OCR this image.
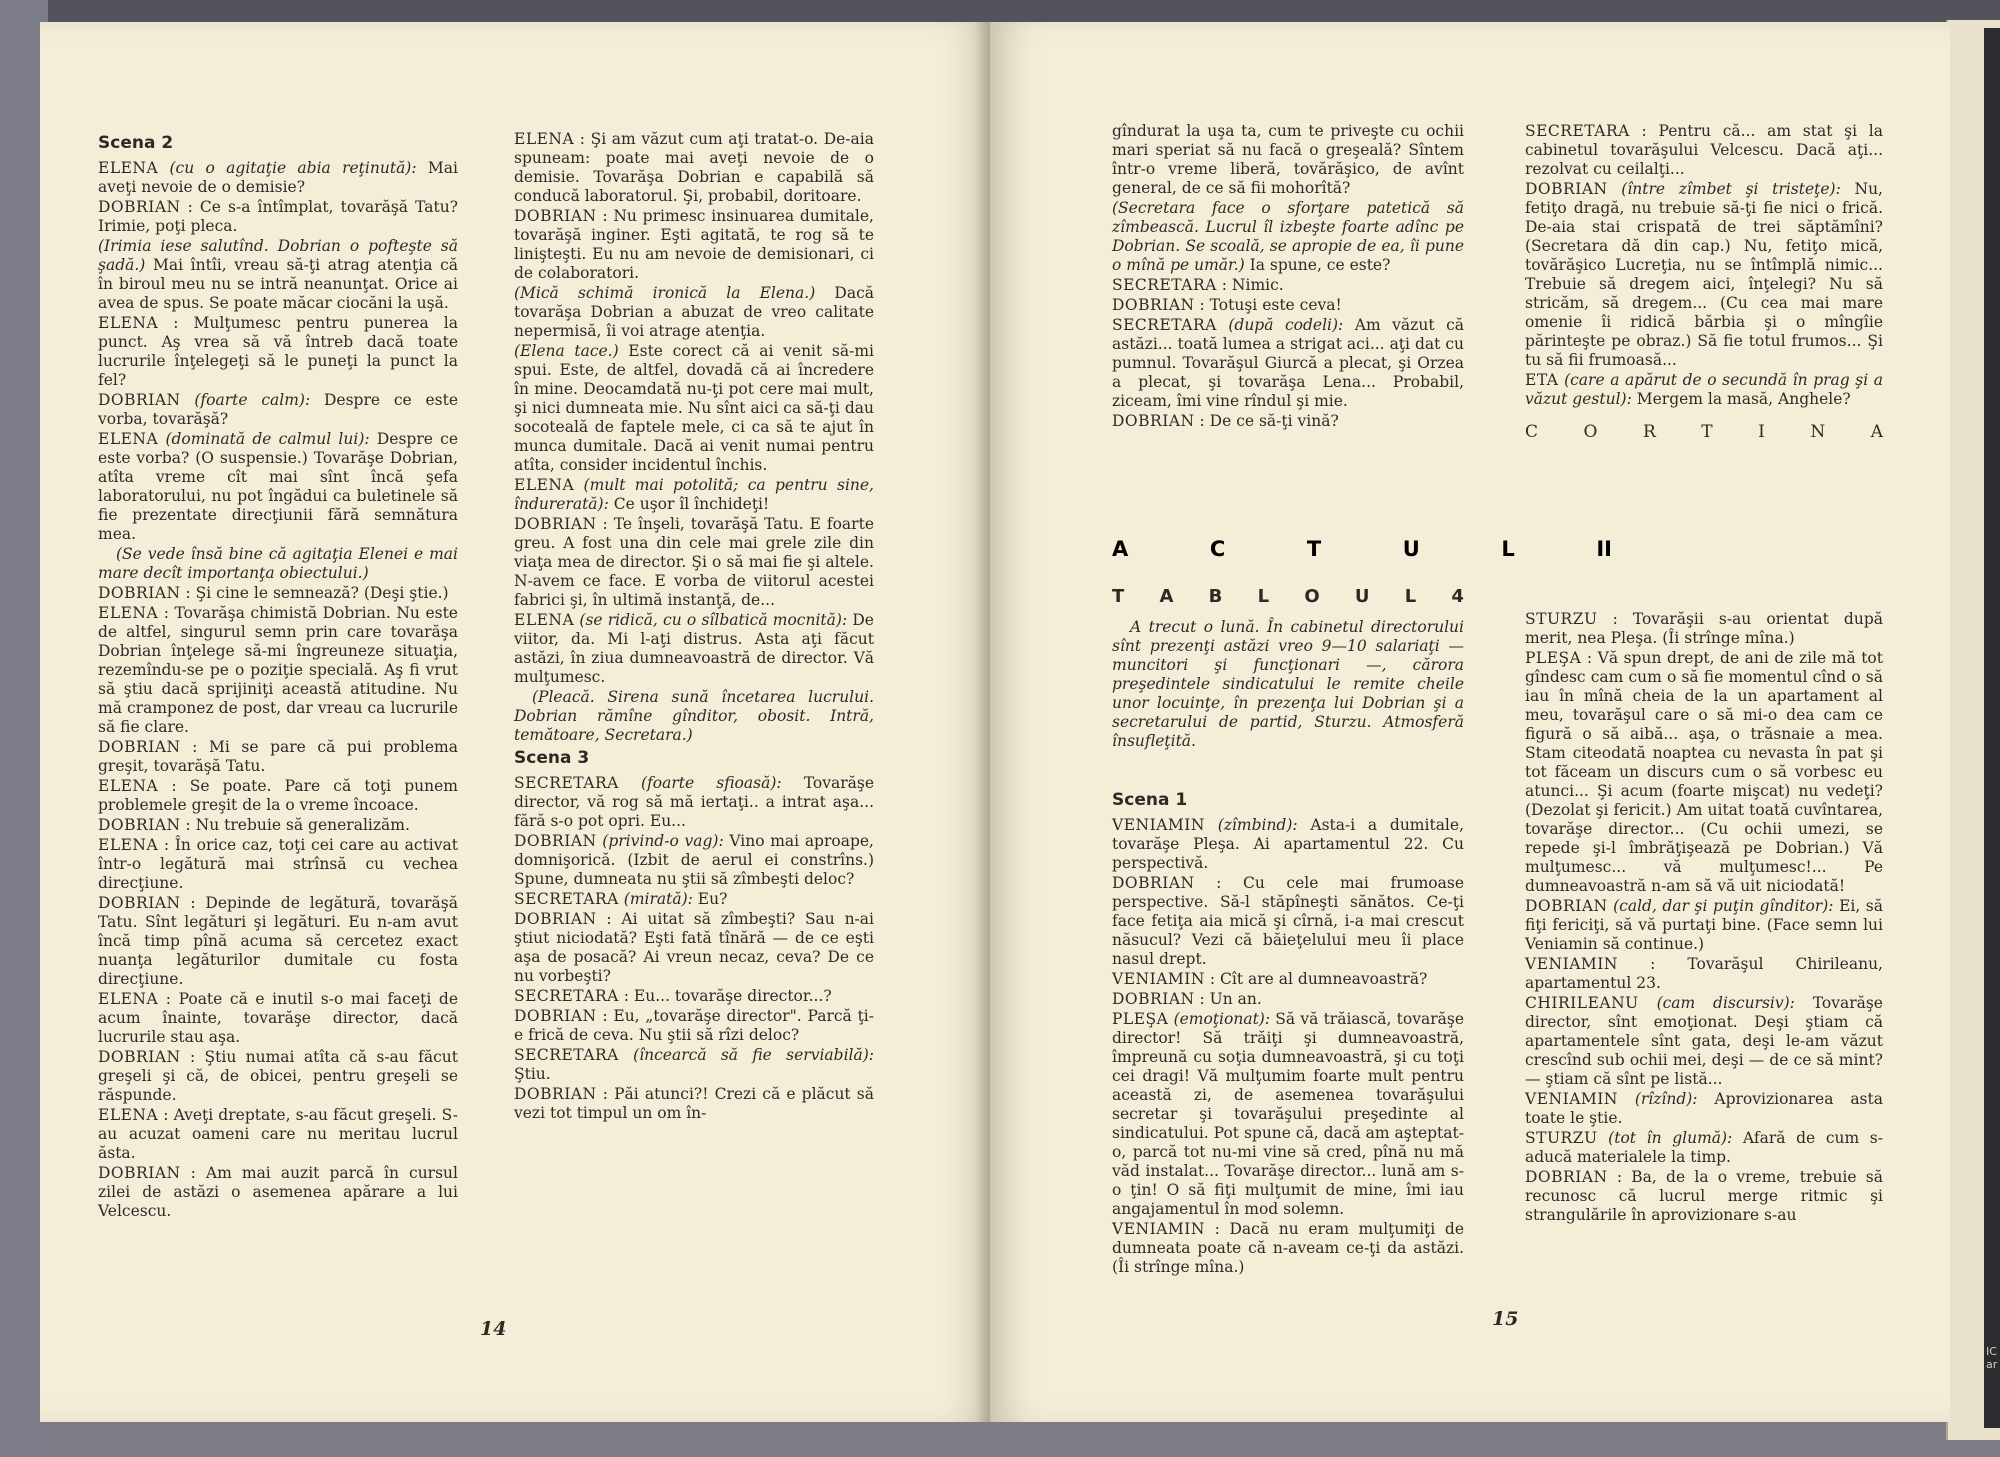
IC ar
Scena 2

ELENA (cu o agitaţie abia reţinută): Mai aveţi nevoie de o demisie?

DOBRIAN : Ce s-a întîmplat, tovarăşă Tatu? Irimie, poţi pleca.

(Irimia iese salutînd. Dobrian o pofteşte să şadă.) Mai întîi, vreau să-ţi atrag atenţia că în biroul meu nu se intră neanunţat. Orice ai avea de spus. Se poate măcar ciocăni la uşă.

ELENA : Mulţumesc pentru punerea la punct. Aş vrea să vă întreb dacă toate lucrurile înţelegeţi să le puneţi la punct la fel?

DOBRIAN (foarte calm): Despre ce este vorba, tovarăşă?

ELENA (dominată de calmul lui): Despre ce este vorba? (O suspensie.) Tovarăşe Dobrian, atîta vreme cît mai sînt încă şefa laboratorului, nu pot îngădui ca buletinele să fie prezentate direcţiunii fără semnătura mea.

(Se vede însă bine că agitaţia Elenei e mai mare decît importanţa obiectului.)

DOBRIAN : Şi cine le semnează? (Deşi ştie.)

ELENA : Tovarăşa chimistă Dobrian. Nu este de altfel, singurul semn prin care tovarăşa Dobrian înţelege să-mi îngreuneze situaţia, rezemîndu-se pe o poziţie specială. Aş fi vrut să ştiu dacă sprijiniţi această atitudine. Nu mă cramponez de post, dar vreau ca lucrurile să fie clare.

DOBRIAN : Mi se pare că pui problema greşit, tovarăşă Tatu.

ELENA : Se poate. Pare că toţi punem problemele greşit de la o vreme încoace.

DOBRIAN : Nu trebuie să generalizăm.

ELENA : În orice caz, toţi cei care au activat într-o legătură mai strînsă cu vechea direcţiune.

DOBRIAN : Depinde de legătură, tovarăşă Tatu. Sînt legături şi legături. Eu n-am avut încă timp pînă acuma să cercetez exact nuanţa legăturilor dumitale cu fosta direcţiune.

ELENA : Poate că e inutil s-o mai faceţi de acum înainte, tovarăşe director, dacă lucrurile stau aşa.

DOBRIAN : Ştiu numai atîta că s-au făcut greşeli şi că, de obicei, pentru greşeli se răspunde.

ELENA : Aveţi dreptate, s-au făcut greşeli. S-au acuzat oameni care nu meritau lucrul ăsta.

DOBRIAN : Am mai auzit parcă în cursul zilei de astăzi o asemenea apărare a lui Velcescu.

ELENA : Şi am văzut cum aţi tratat-o. De-aia spuneam: poate mai aveţi nevoie de o demisie. Tovarăşa Dobrian e capabilă să conducă laboratorul. Şi, probabil, doritoare.

DOBRIAN : Nu primesc insinuarea dumitale, tovarăşă inginer. Eşti agitată, te rog să te linişteşti. Eu nu am nevoie de demisionari, ci de colaboratori.

(Mică schimă ironică la Elena.) Dacă tovarăşa Dobrian a abuzat de vreo calitate nepermisă, îi voi atrage atenţia.

(Elena tace.) Este corect că ai venit să-mi spui. Este, de altfel, dovadă că ai încredere în mine. Deocamdată nu-ţi pot cere mai mult, şi nici dumneata mie. Nu sînt aici ca să-ţi dau socoteală de faptele mele, ci ca să te ajut în munca dumitale. Dacă ai venit numai pentru atîta, consider incidentul închis.

ELENA (mult mai potolită; ca pentru sine, îndurerată): Ce uşor îl închideţi!

DOBRIAN : Te înşeli, tovarăşă Tatu. E foarte greu. A fost una din cele mai grele zile din viaţa mea de director. Şi o să mai fie şi altele. N-avem ce face. E vorba de viitorul acestei fabrici şi, în ultimă instanţă, de...

ELENA (se ridică, cu o sîlbatică mocnită): De viitor, da. Mi l-aţi distrus. Asta aţi făcut astăzi, în ziua dumneavoastră de director. Vă mulţumesc.

(Pleacă. Sirena sună încetarea lucrului. Dobrian rămîne gînditor, obosit. Intră, temătoare, Secretara.)

Scena 3

SECRETARA (foarte sfioasă): Tovarăşe director, vă rog să mă iertaţi.. a intrat aşa... fără s-o pot opri. Eu...

DOBRIAN (privind-o vag): Vino mai aproape, domnişorică. (Izbit de aerul ei constrîns.) Spune, dumneata nu ştii să zîmbeşti deloc?

SECRETARA (mirată): Eu?

DOBRIAN : Ai uitat să zîmbeşti? Sau n-ai ştiut niciodată? Eşti fată tînără — de ce eşti aşa de posacă? Ai vreun necaz, ceva? De ce nu vorbeşti?

SECRETARA : Eu... tovarăşe director...?

DOBRIAN : Eu, „tovarăşe director". Parcă ţi-e frică de ceva. Nu ştii să rîzi deloc?

SECRETARA (încearcă să fie serviabilă): Ştiu.

DOBRIAN : Păi atunci?! Crezi că e plăcut să vezi tot timpul un om în-

14

gîndurat la uşa ta, cum te priveşte cu ochii mari speriat să nu facă o greşeală? Sîntem într-o vreme liberă, tovărăşico, de avînt general, de ce să fii mohorîtă?

(Secretara face o sforţare patetică să zîmbească. Lucrul îl izbeşte foarte adînc pe Dobrian. Se scoală, se apropie de ea, îi pune o mînă pe umăr.) Ia spune, ce este?

SECRETARA : Nimic.

DOBRIAN : Totuşi este ceva!

SECRETARA (după codeli): Am văzut că astăzi... toată lumea a strigat aci... aţi dat cu pumnul. Tovarăşul Giurcă a plecat, şi Orzea a plecat, şi tovarăşa Lena... Probabil, ziceam, îmi vine rîndul şi mie.

DOBRIAN : De ce să-ţi vină?

SECRETARA : Pentru că... am stat şi la cabinetul tovarăşului Velcescu. Dacă aţi... rezolvat cu ceilalţi...

DOBRIAN (între zîmbet şi tristeţe): Nu, fetiţo dragă, nu trebuie să-ţi fie nici o frică. De-aia stai crispată de trei săptămîni? (Secretara dă din cap.) Nu, fetiţo mică, tovărăşico Lucreţia, nu se întîmplă nimic... Trebuie să dregem aici, înţelegi? Nu să stricăm, să dregem... (Cu cea mai mare omenie îi ridică bărbia şi o mîngîie părinteşte pe obraz.) Să fie totul frumos... Şi tu să fii frumoasă...

ETA (care a apărut de o secundă în prag şi a văzut gestul): Mergem la masă, Anghele?

C	O	R	T	I	N	A
A	C	T	U	L	II
T A B L O U L 4

A trecut o lună. În cabinetul directorului sînt prezenţi astăzi vreo 9—10 salariaţi — muncitori şi funcţionari —, cărora preşedintele sindicatului le remite cheile unor locuinţe, în prezenţa lui Dobrian şi a secretarului de partid, Sturzu. Atmosferă însufleţită.

Scena 1

VENIAMIN (zîmbind): Asta-i a dumitale, tovarăşe Pleşa. Ai apartamentul 22. Cu perspectivă.

DOBRIAN : Cu cele mai frumoase perspective. Să-l stăpîneşti sănătos. Ce-ţi face fetiţa aia mică şi cîrnă, i-a mai crescut năsucul? Vezi că băieţelului meu îi place nasul drept.

VENIAMIN : Cît are al dumneavoastră?

DOBRIAN : Un an.

PLEŞA (emoţionat): Să vă trăiască, tovarăşe director! Să trăiţi şi dumneavoastră, împreună cu soţia dumneavoastră, şi cu toţi cei dragi! Vă mulţumim foarte mult pentru această zi, de asemenea tovarăşului secretar şi tovarăşului preşedinte al sindicatului. Pot spune că, dacă am aşteptat-o, parcă tot nu-mi vine să cred, pînă nu mă văd instalat... Tovarăşe director... lună am s-o ţin! O să fiţi mulţumit de mine, îmi iau angajamentul în mod solemn.

VENIAMIN : Dacă nu eram mulţumiţi de dumneata poate că n-aveam ce-ţi da astăzi. (Îi strînge mîna.)

STURZU : Tovarăşii s-au orientat după merit, nea Pleşa. (Îi strînge mîna.)

PLEŞA : Vă spun drept, de ani de zile mă tot gîndesc cam cum o să fie momentul cînd o să iau în mînă cheia de la un apartament al meu, tovarăşul care o să mi-o dea cam ce figură o să aibă... aşa, o trăsnaie a mea. Stam citeodată noaptea cu nevasta în pat şi tot făceam un discurs cum o să vorbesc eu atunci... Şi acum (foarte mişcat) nu vedeţi? (Dezolat şi fericit.) Am uitat toată cuvîntarea, tovarăşe director... (Cu ochii umezi, se repede şi-l îmbrăţişează pe Dobrian.) Vă mulţumesc... vă mulţumesc!... Pe dumneavoastră n-am să vă uit niciodată!

DOBRIAN (cald, dar şi puţin gînditor): Ei, să fiţi fericiţi, să vă purtaţi bine. (Face semn lui Veniamin să continue.)

VENIAMIN : Tovarăşul Chirileanu, apartamentul 23.

CHIRILEANU (cam discursiv): Tovarăşe director, sînt emoţionat. Deşi ştiam că apartamentele sînt gata, deşi le-am văzut crescînd sub ochii mei, deşi — de ce să mint? — ştiam că sînt pe listă...

VENIAMIN (rîzînd): Aprovizionarea asta toate le ştie.

STURZU (tot în glumă): Afară de cum s-aducă materialele la timp.

DOBRIAN : Ba, de la o vreme, trebuie să recunosc că lucrul merge ritmic şi strangulările în aprovizionare s-au

15
